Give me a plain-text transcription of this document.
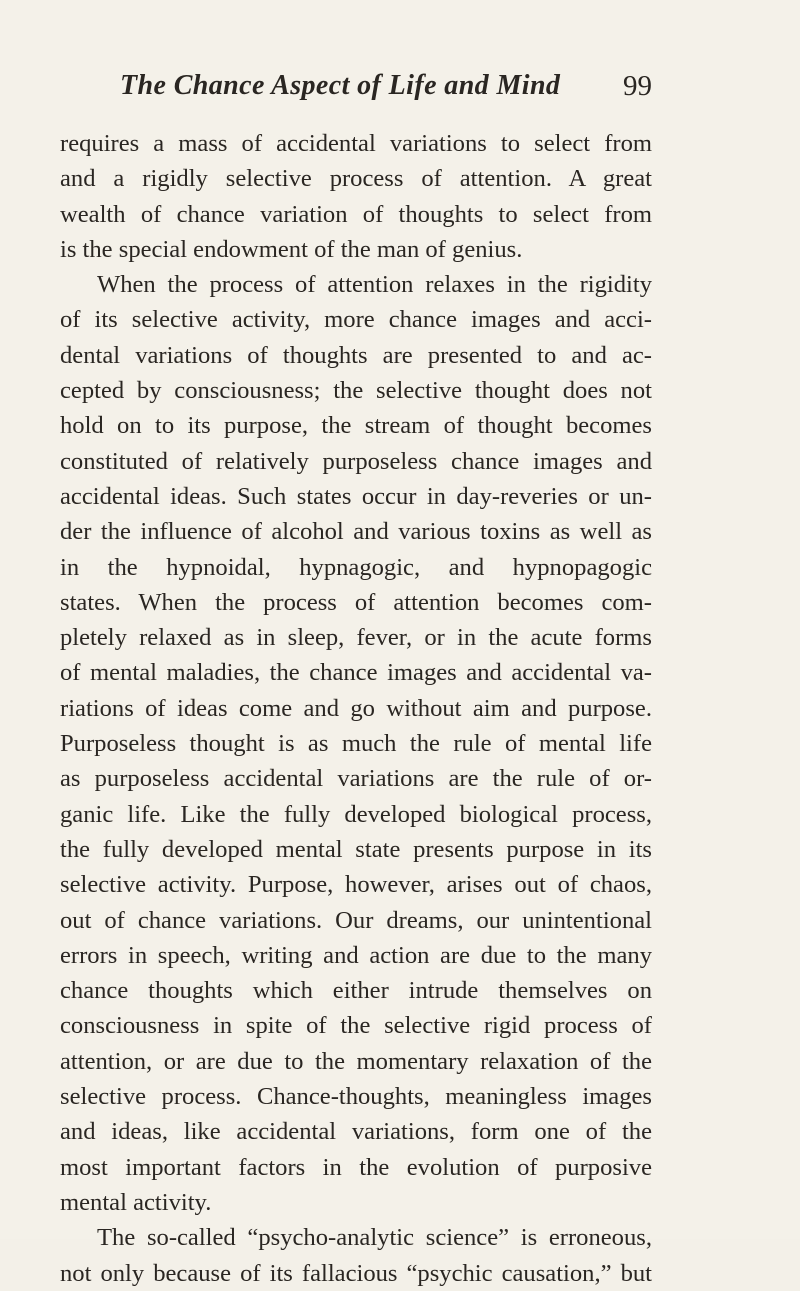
The Chance Aspect of Life and Mind 99
requires a mass of accidental variations to select from
and a rigidly selective process of attention. A great
wealth of chance variation of thoughts to select from
is the special endowment of the man of genius.
When the process of attention relaxes in the rigidity
of its selective activity, more chance images and acci-
dental variations of thoughts are presented to and ac-
cepted by consciousness; the selective thought does not
hold on to its purpose, the stream of thought becomes
constituted of relatively purposeless chance images and
accidental ideas. Such states occur in day-reveries or un-
der the influence of alcohol and various toxins as well as
in the hypnoidal, hypnagogic, and hypnopagogic
states. When the process of attention becomes com-
pletely relaxed as in sleep, fever, or in the acute forms
of mental maladies, the chance images and accidental va-
riations of ideas come and go without aim and purpose.
Purposeless thought is as much the rule of mental life
as purposeless accidental variations are the rule of or-
ganic life. Like the fully developed biological process,
the fully developed mental state presents purpose in its
selective activity. Purpose, however, arises out of chaos,
out of chance variations. Our dreams, our unintentional
errors in speech, writing and action are due to the many
chance thoughts which either intrude themselves on
consciousness in spite of the selective rigid process of
attention, or are due to the momentary relaxation of the
selective process. Chance-thoughts, meaningless images
and ideas, like accidental variations, form one of the
most important factors in the evolution of purposive
mental activity.
The so-called “psycho-analytic science” is erroneous,
not only because of its fallacious “psychic causation,” but
